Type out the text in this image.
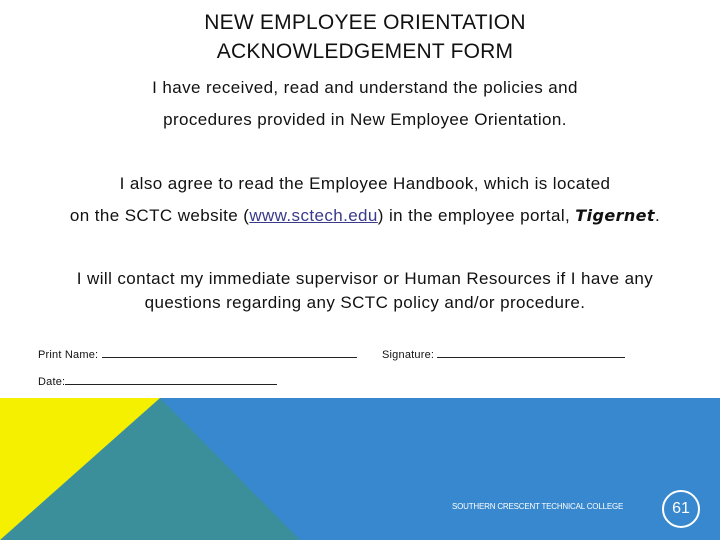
NEW EMPLOYEE ORIENTATION
ACKNOWLEDGEMENT FORM
I have received, read and understand the policies and
procedures provided in New Employee Orientation.
I also agree to read the Employee Handbook, which is located
on the SCTC website (www.sctech.edu) in the employee portal, Tigernet.
I will contact my immediate supervisor or Human Resources if I have any
questions regarding any SCTC policy and/or procedure.
Print Name:	Signature:
Date:
SOUTHERN CRESCENT TECHNICAL COLLEGE	61
